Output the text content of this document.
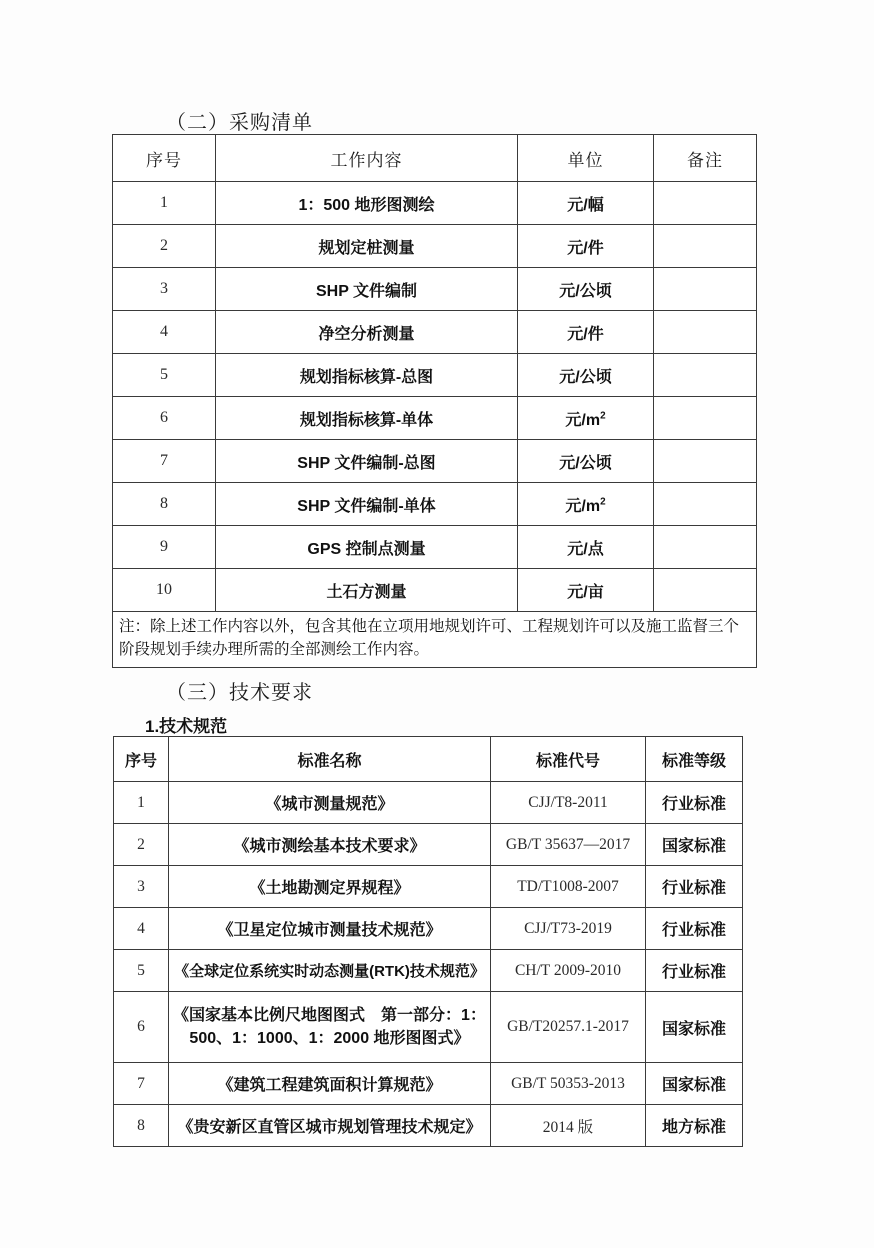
（二）采购清单
序号	工作内容	单位	备注
1	1：500 地形图测绘	元/幅	
2	规划定桩测量	元/件	
3	SHP 文件编制	元/公顷	
4	净空分析测量	元/件	
5	规划指标核算-总图	元/公顷	
6	规划指标核算-单体	元$/m^2$	
7	SHP 文件编制-总图	元/公顷	
8	SHP 文件编制-单体	元$/m^2$	
9	GPS 控制点测量	元/点	
10	土石方测量	元/亩	
注：除上述工作内容以外，包含其他在立项用地规划许可、工程规划许可以及施工监督三个阶段规划手续办理所需的全部测绘工作内容。			
（三）技术要求
1.技术规范
序号	标准名称	标准代号	标准等级
1	《城市测量规范》	CJJ/T8-2011	行业标准
2	《城市测绘基本技术要求》	GB/T 35637—2017	国家标准
3	《土地勘测定界规程》	TD/T1008-2007	行业标准
4	《卫星定位城市测量技术规范》	CJJ/T73-2019	行业标准
5	《全球定位系统实时动态测量(RTK)技术规范》	CH/T 2009-2010	行业标准
6	《国家基本比例尺地图图式　第一部分：1：
500、1：1000、1：2000 地形图图式》	GB/T20257.1-2017	国家标准
7	《建筑工程建筑面积计算规范》	GB/T 50353-2013	国家标准
8	《贵安新区直管区城市规划管理技术规定》	2014 版	地方标准
